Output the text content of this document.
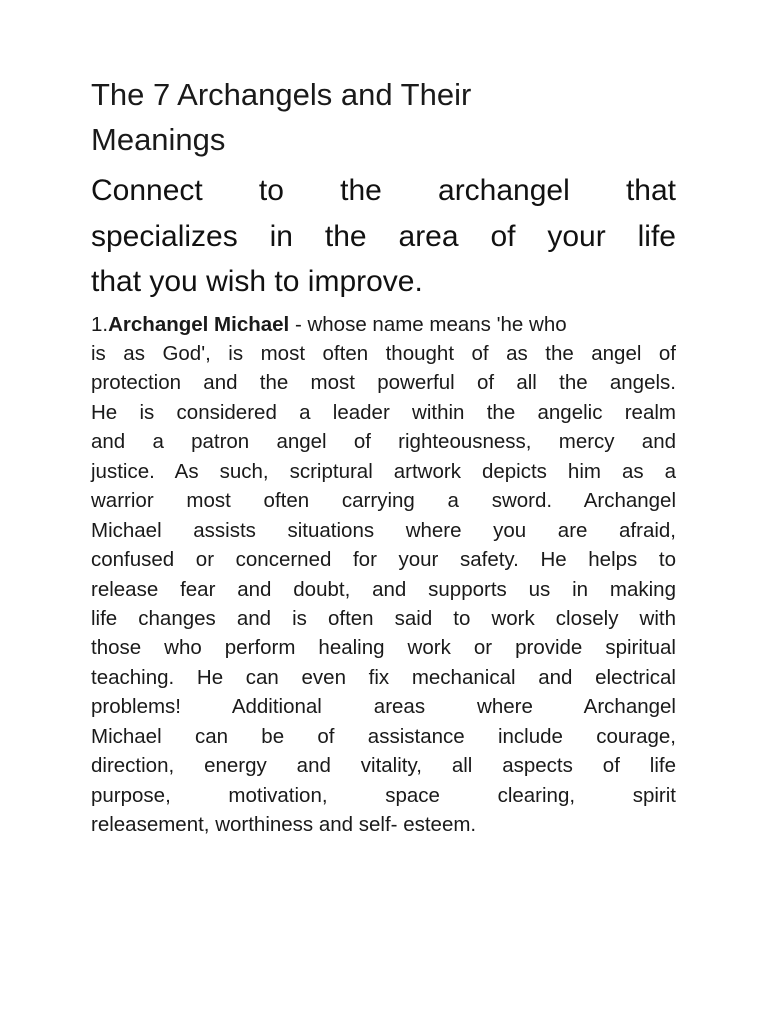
The 7 Archangels and Their
Meanings
Connect to the archangel that
specializes in the area of your life
that you wish to improve.
1.Archangel Michael - whose name means 'he who
is as God', is most often thought of as the angel of
protection and the most powerful of all the angels.
He is considered a leader within the angelic realm
and a patron angel of righteousness, mercy and
justice. As such, scriptural artwork depicts him as a
warrior most often carrying a sword. Archangel
Michael assists situations where you are afraid,
confused or concerned for your safety. He helps to
release fear and doubt, and supports us in making
life changes and is often said to work closely with
those who perform healing work or provide spiritual
teaching. He can even fix mechanical and electrical
problems! Additional areas where Archangel
Michael can be of assistance include courage,
direction, energy and vitality, all aspects of life
purpose, motivation, space clearing, spirit
releasement, worthiness and self- esteem.
